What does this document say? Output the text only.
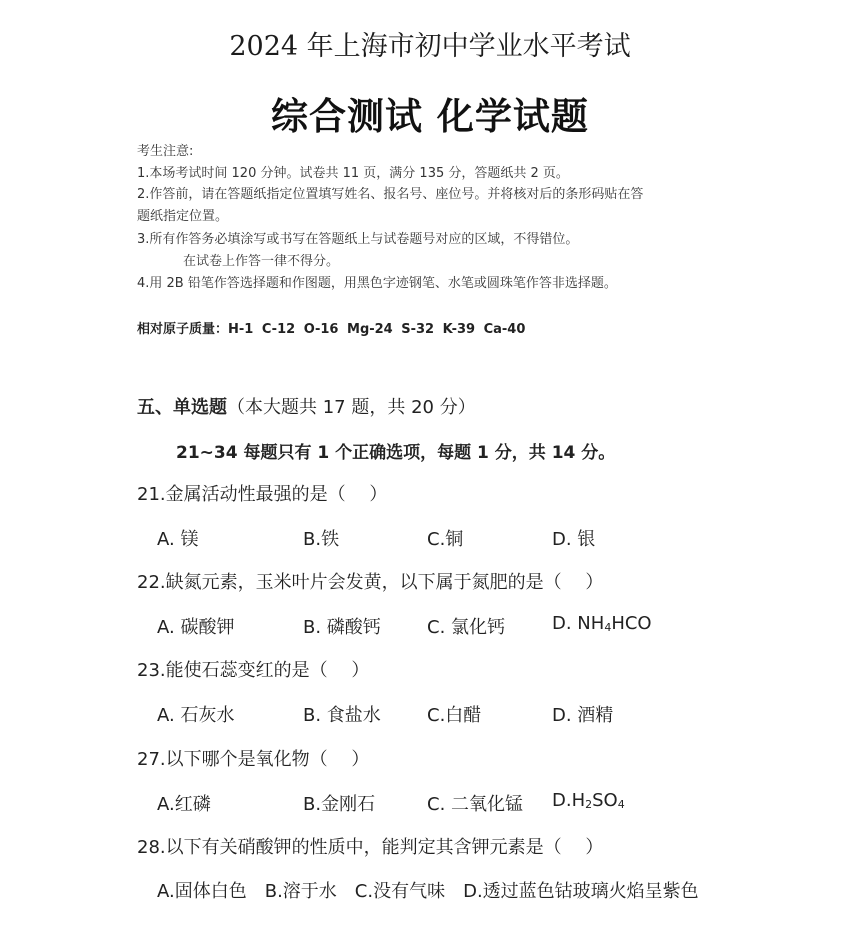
2024 年上海市初中学业水平考试
综合测试 化学试题
考生注意:
1.本场考试时间 120 分钟。试卷共 11 页，满分 135 分，答题纸共 2 页。
2.作答前，请在答题纸指定位置填写姓名、报名号、座位号。并将核对后的条形码贴在答
题纸指定位置。
3.所有作答务必填涂写或书写在答题纸上与试卷题号对应的区域，不得错位。
在试卷上作答一律不得分。
4.用 2B 铅笔作答选择题和作图题，用黑色字迹钢笔、水笔或圆珠笔作答非选择题。
相对原子质量：H-1 C-12 O-16 Mg-24 S-32 K-39 Ca-40
五、单选题（本大题共 17 题，共 20 分）
21~34 每题只有 1 个正确选项，每题 1 分，共 14 分。
21.金属活动性最强的是（　 ）
A. 镁	B.铁	C.铜	D. 银
22.缺氮元素，玉米叶片会发黄，以下属于氮肥的是（　 ）
A. 碳酸钾	B. 磷酸钙	C. 氯化钙	D. $NH_4HCO$
23.能使石蕊变红的是（　 ）
A. 石灰水	B. 食盐水	C.白醋	D. 酒精
27.以下哪个是氧化物（　 ）
A.红磷	B.金刚石	C. 二氧化锰 $D.H_2SO_4$
28.以下有关硝酸钾的性质中，能判定其含钾元素是（　 ）
A.固体白色　B.溶于水　C.没有气味　D.透过蓝色钴玻璃火焰呈紫色
